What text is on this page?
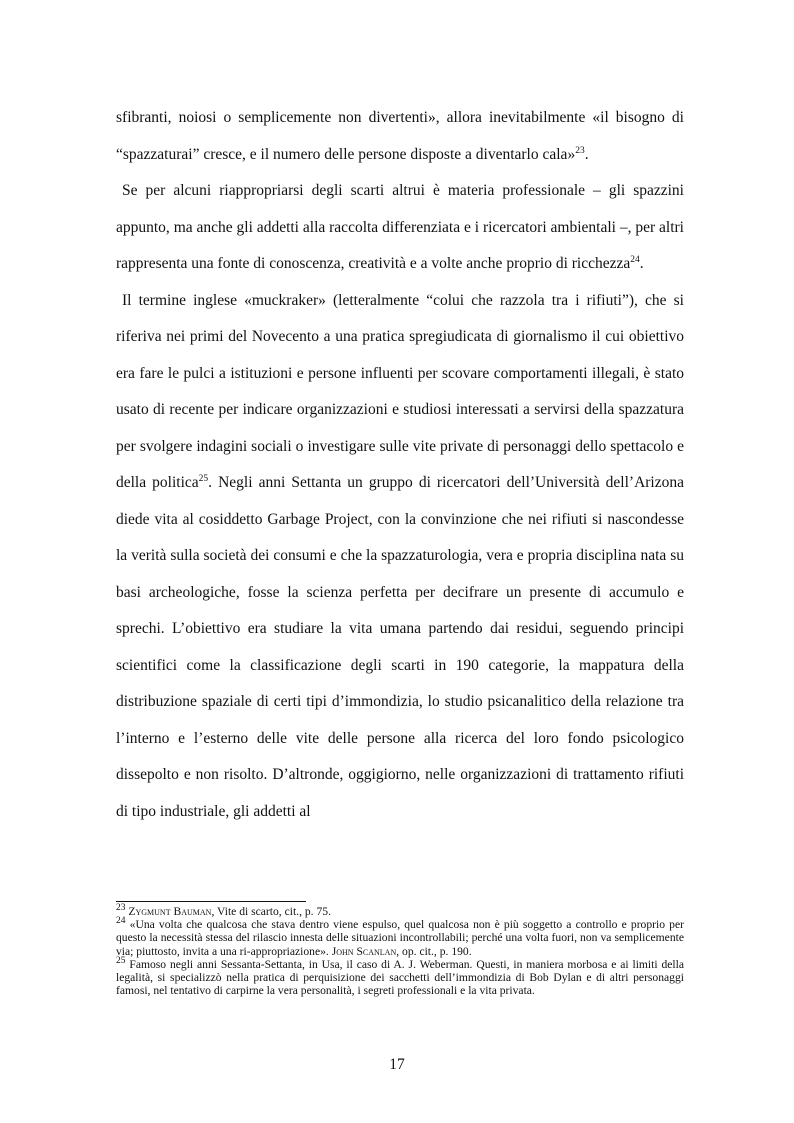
sfibranti, noiosi o semplicemente non divertenti», allora inevitabilmente «il bisogno di “spazzaturai” cresce, e il numero delle persone disposte a diventarlo cala»$^{23}$.

Se per alcuni riappropriarsi degli scarti altrui è materia professionale – gli spazzini appunto, ma anche gli addetti alla raccolta differenziata e i ricercatori ambientali –, per altri rappresenta una fonte di conoscenza, creatività e a volte anche proprio di ricchezza$^{24}$.

Il termine inglese «muckraker» (letteralmente “colui che razzola tra i rifiuti”), che si riferiva nei primi del Novecento a una pratica spregiudicata di giornalismo il cui obiettivo era fare le pulci a istituzioni e persone influenti per scovare comportamenti illegali, è stato usato di recente per indicare organizzazioni e studiosi interessati a servirsi della spazzatura per svolgere indagini sociali o investigare sulle vite private di personaggi dello spettacolo e della politica$^{25}$. Negli anni Settanta un gruppo di ricercatori dell’Università dell’Arizona diede vita al cosiddetto Garbage Project, con la convinzione che nei rifiuti si nascondesse la verità sulla società dei consumi e che la spazzaturologia, vera e propria disciplina nata su basi archeologiche, fosse la scienza perfetta per decifrare un presente di accumulo e sprechi. L’obiettivo era studiare la vita umana partendo dai residui, seguendo principi scientifici come la classificazione degli scarti in 190 categorie, la mappatura della distribuzione spaziale di certi tipi d’immondizia, lo studio psicanalitico della relazione tra l’interno e l’esterno delle vite delle persone alla ricerca del loro fondo psicologico dissepolto e non risolto. D’altronde, oggigiorno, nelle organizzazioni di trattamento rifiuti di tipo industriale, gli addetti al

$^{23}$ Zygmunt Bauman, Vite di scarto, cit., p. 75.

$^{24}$ «Una volta che qualcosa che stava dentro viene espulso, quel qualcosa non è più soggetto a controllo e proprio per questo la necessità stessa del rilascio innesta delle situazioni incontrollabili; perché una volta fuori, non va semplicemente via; piuttosto, invita a una ri-appropriazione». John Scanlan, op. cit., p. 190.

$^{25}$ Famoso negli anni Sessanta-Settanta, in Usa, il caso di A. J. Weberman. Questi, in maniera morbosa e ai limiti della legalità, si specializzò nella pratica di perquisizione dei sacchetti dell’immondizia di Bob Dylan e di altri personaggi famosi, nel tentativo di carpirne la vera personalità, i segreti professionali e la vita privata.

17
